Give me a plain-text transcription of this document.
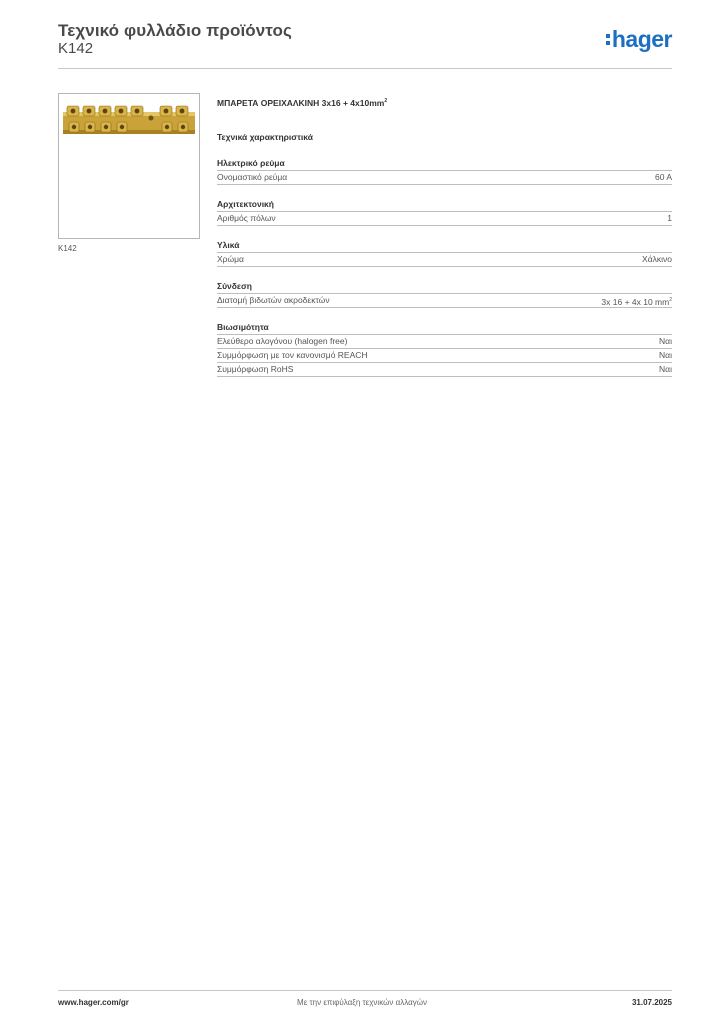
Τεχνικό φυλλάδιο προϊόντος
K142	hager
K142
ΜΠΑΡΕΤΑ ΟΡΕΙΧΑΛΚΙΝΗ $3x16 + 4x10mm^2$
Τεχνικά χαρακτηριστικά
Ηλεκτρικό ρεύμα
Ονομαστικό ρεύμα	60 A
Αρχιτεκτονική
Αριθμός πόλων	1
Υλικά
Χρώμα	Χάλκινο
Σύνδεση
Διατομή βιδωτών ακροδεκτών	3x 16 + 4x 10 $mm^2$
Βιωσιμότητα
Ελεύθερο αλογόνου (halogen free)	Ναι
Συμμόρφωση με τον κανονισμό REACH	Ναι
Συμμόρφωση RoHS	Ναι
Με την επιφύλαξη τεχνικών αλλαγών
www.hager.com/gr	31.07.2025
